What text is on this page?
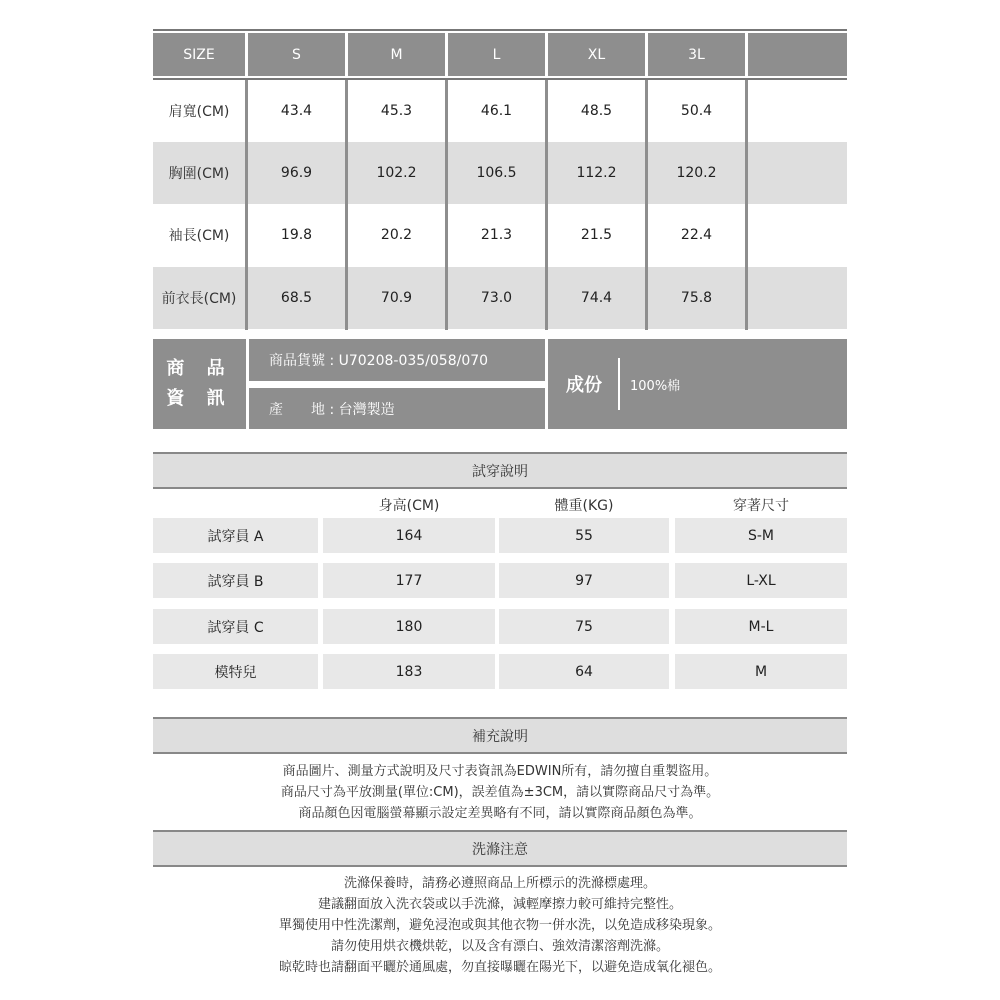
SIZE	S	M	L	XL	3L
肩寬(CM)	43.4	45.3	46.1	48.5	50.4
胸圍(CM)	96.9	102.2	106.5	112.2	120.2
袖長(CM)	19.8	20.2	21.3	21.5	22.4
前衣長(CM)	68.5	70.9	73.0	74.4	75.8
商 品
資 訊
商品貨號 : U70208-035/058/070
產　　地 : 台灣製造
成份 100%棉
試穿說明
身高(CM)	體重(KG)	穿著尺寸
試穿員 A	164	55	S-M
試穿員 B	177	97	L-XL
試穿員 C	180	75	M-L
模特兒	183	64	M
補充說明
商品圖片、測量方式說明及尺寸表資訊為EDWIN所有，請勿擅自重製盜用。
商品尺寸為平放測量(單位:CM)，誤差值為±3CM，請以實際商品尺寸為準。
商品顏色因電腦螢幕顯示設定差異略有不同，請以實際商品顏色為準。
洗滌注意
洗滌保養時，請務必遵照商品上所標示的洗滌標處理。
建議翻面放入洗衣袋或以手洗滌，減輕摩擦力較可維持完整性。
單獨使用中性洗潔劑，避免浸泡或與其他衣物一併水洗，以免造成移染現象。
請勿使用烘衣機烘乾，以及含有漂白、強效清潔溶劑洗滌。
晾乾時也請翻面平曬於通風處，勿直接曝曬在陽光下，以避免造成氧化褪色。
